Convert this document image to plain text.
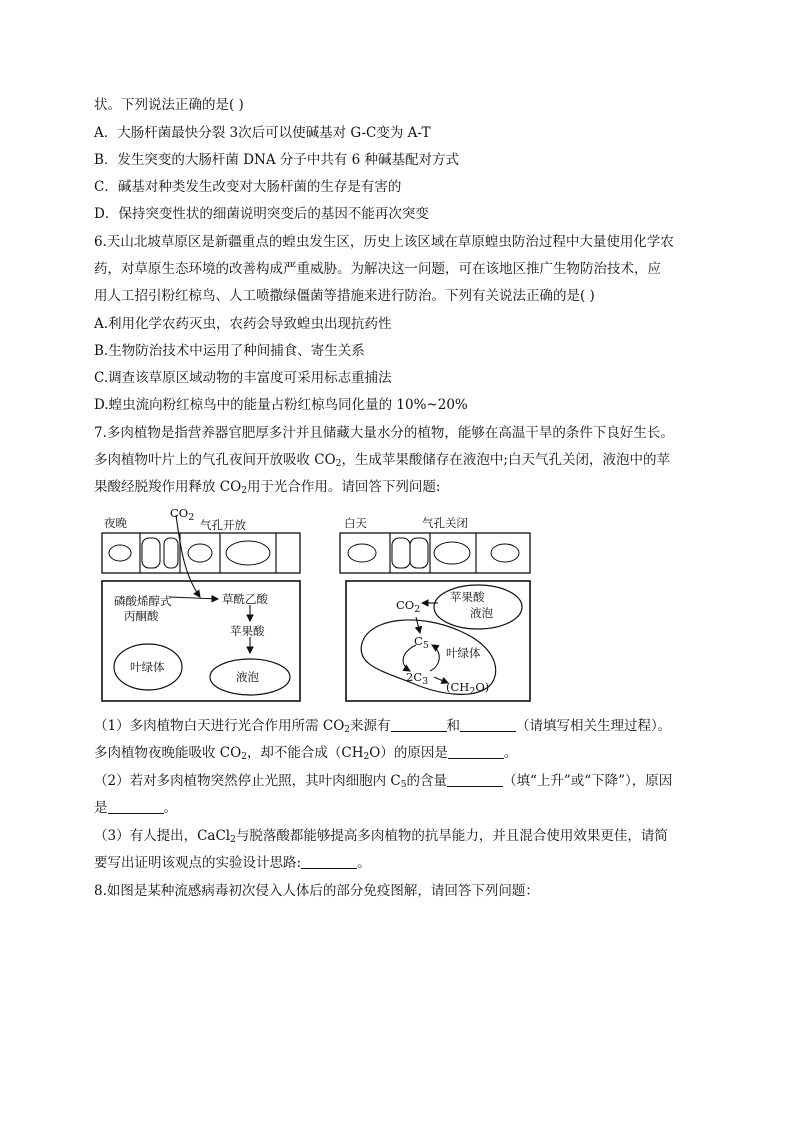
状。下列说法正确的是( )
A．大肠杆菌最快分裂 3次后可以使碱基对 G-C变为 A-T
B．发生突变的大肠杆菌 DNA 分子中共有 6 种碱基配对方式
C．碱基对种类发生改变对大肠杆菌的生存是有害的
D．保持突变性状的细菌说明突变后的基因不能再次突变
6.天山北坡草原区是新疆重点的蝗虫发生区，历史上该区域在草原蝗虫防治过程中大量使用化学农
药，对草原生态环境的改善构成严重威胁。为解决这一问题，可在该地区推广生物防治技术，应
用人工招引粉红椋鸟、人工喷撒绿僵菌等措施来进行防治。下列有关说法正确的是( )
A.利用化学农药灭虫，农药会导致蝗虫出现抗药性
B.生物防治技术中运用了种间捕食、寄生关系
C.调查该草原区域动物的丰富度可采用标志重捕法
D.蝗虫流向粉红椋鸟中的能量占粉红椋鸟同化量的 10%~20%
7.多肉植物是指营养器官肥厚多汁并且储藏大量水分的植物，能够在高温干旱的条件下良好生长。
多肉植物叶片上的气孔夜间开放吸收 $CO_2$，生成苹果酸储存在液泡中;白天气孔关闭，液泡中的苹
果酸经脱羧作用释放 $CO_2$用于光合作用。请回答下列问题:
夜晚
$CO_2$
气孔开放
磷酸烯醇式
丙酮酸
草酰乙酸
苹果酸
叶绿体
液泡
白天	气孔关闭
苹果酸
液泡
$CO_2$
$C_5$
叶绿体
$2C_3$ $(CH_2O)$
（1）多肉植物白天进行光合作用所需 $CO_2$来源有	和	（请填写相关生理过程）。
多肉植物夜晚能吸收 $CO_2$，却不能合成$(CH_2O)$的原因是	。
（2）若对多肉植物突然停止光照，其叶肉细胞内 $C_5$的含量	（填“上升”或“下降”），原因
是	。
（3）有人提出，CaCl$_2$与脱落酸都能够提高多肉植物的抗旱能力，并且混合使用效果更佳，请简
要写出证明该观点的实验设计思路:	。
8.如图是某种流感病毒初次侵入人体后的部分免疫图解，请回答下列问题：
